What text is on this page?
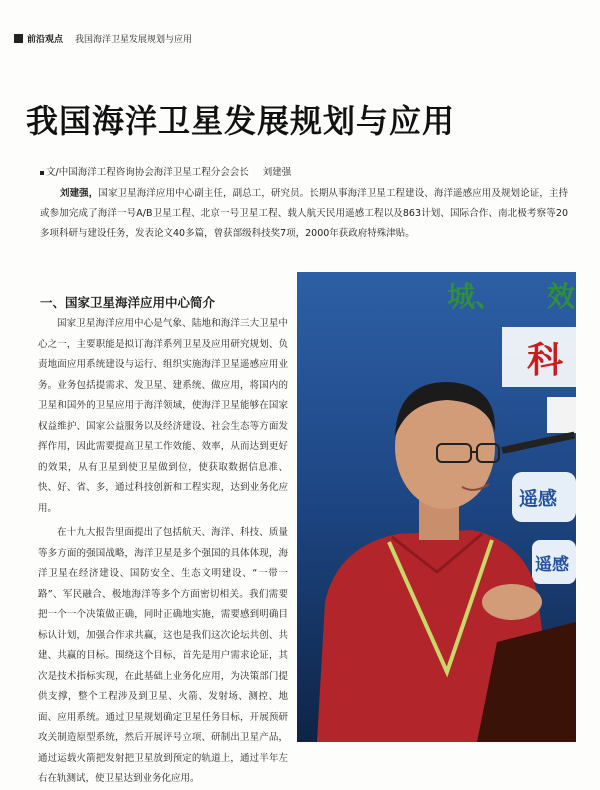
前沿观点 我国海洋卫星发展规划与应用
我国海洋卫星发展规划与应用
文/中国海洋工程咨询协会海洋卫星工程分会会长 刘建强

刘建强，国家卫星海洋应用中心副主任，副总工，研究员。长期从事海洋卫星工程建设、海洋遥感应用及规划论证，主持或参加完成了海洋一号A/B卫星工程、北京一号卫星工程、载人航天民用遥感工程以及863计划、国际合作、南北极考察等20多项科研与建设任务，发表论文40多篇，曾获部级科技奖7项，2000年获政府特殊津贴。

一、国家卫星海洋应用中心简介

国家卫星海洋应用中心是气象、陆地和海洋三大卫星中心之一，主要职能是拟订海洋系列卫星及应用研究规划、负责地面应用系统建设与运行、组织实施海洋卫星遥感应用业务。业务包括提需求、发卫星、建系统、做应用，将国内的卫星和国外的卫星应用于海洋领域，使海洋卫星能够在国家权益维护、国家公益服务以及经济建设、社会生态等方面发挥作用，因此需要提高卫星工作效能、效率，从而达到更好的效果，从有卫星到使卫星做到位，使获取数据信息准、快、好、省、多，通过科技创新和工程实现，达到业务化应用。

在十九大报告里面提出了包括航天、海洋、科技、质量等多方面的强国战略，海洋卫星是多个强国的具体体现，海洋卫星在经济建设、国防安全、生态文明建设、“一带一路”、军民融合、极地海洋等多个方面密切相关。我们需要把一个一个决策做正确，同时正确地实施，需要感到明确目标认计划，加强合作求共赢，这也是我们这次论坛共创、共建、共赢的目标。围绕这个目标，首先是用户需求论证，其次是技术指标实现，在此基础上业务化应用，为决策部门提供支撑，整个工程涉及到卫星、火箭、发射场、测控、地面、应用系统。通过卫星规划确定卫星任务目标，开展预研攻关制造原型系统，然后开展评号立项、研制出卫星产品，通过运载火箭把发射把卫星放到预定的轨道上，通过半年左右在轨测试，使卫星达到业务化应用。

城、 效
科
遥感
遥感
